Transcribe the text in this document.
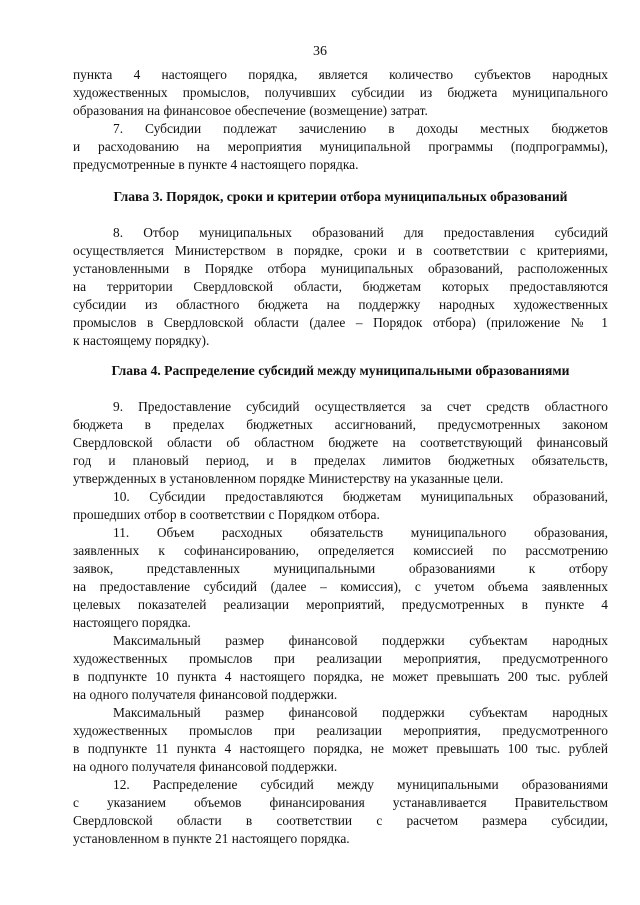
36
пункта 4 настоящего порядка, является количество субъектов народных
художественных промыслов, получивших субсидии из бюджета муниципального
образования на финансовое обеспечение (возмещение) затрат.
7. Субсидии подлежат зачислению в доходы местных бюджетов
и расходованию на мероприятия муниципальной программы (подпрограммы),
предусмотренные в пункте 4 настоящего порядка.
Глава 3. Порядок, сроки и критерии отбора муниципальных образований
8. Отбор муниципальных образований для предоставления субсидий
осуществляется Министерством в порядке, сроки и в соответствии с критериями,
установленными в Порядке отбора муниципальных образований, расположенных
на территории Свердловской области, бюджетам которых предоставляются
субсидии из областного бюджета на поддержку народных художественных
промыслов в Свердловской области (далее – Порядок отбора) (приложение № 1
к настоящему порядку).
Глава 4. Распределение субсидий между муниципальными образованиями
9. Предоставление субсидий осуществляется за счет средств областного
бюджета в пределах бюджетных ассигнований, предусмотренных законом
Свердловской области об областном бюджете на соответствующий финансовый
год и плановый период, и в пределах лимитов бюджетных обязательств,
утвержденных в установленном порядке Министерству на указанные цели.
10. Субсидии предоставляются бюджетам муниципальных образований,
прошедших отбор в соответствии с Порядком отбора.
11. Объем расходных обязательств муниципального образования,
заявленных к софинансированию, определяется комиссией по рассмотрению
заявок, представленных муниципальными образованиями к отбору
на предоставление субсидий (далее – комиссия), с учетом объема заявленных
целевых показателей реализации мероприятий, предусмотренных в пункте 4
настоящего порядка.
Максимальный размер финансовой поддержки субъектам народных
художественных промыслов при реализации мероприятия, предусмотренного
в подпункте 10 пункта 4 настоящего порядка, не может превышать 200 тыс. рублей
на одного получателя финансовой поддержки.
Максимальный размер финансовой поддержки субъектам народных
художественных промыслов при реализации мероприятия, предусмотренного
в подпункте 11 пункта 4 настоящего порядка, не может превышать 100 тыс. рублей
на одного получателя финансовой поддержки.
12. Распределение субсидий между муниципальными образованиями
с указанием объемов финансирования устанавливается Правительством
Свердловской области в соответствии с расчетом размера субсидии,
установленном в пункте 21 настоящего порядка.
